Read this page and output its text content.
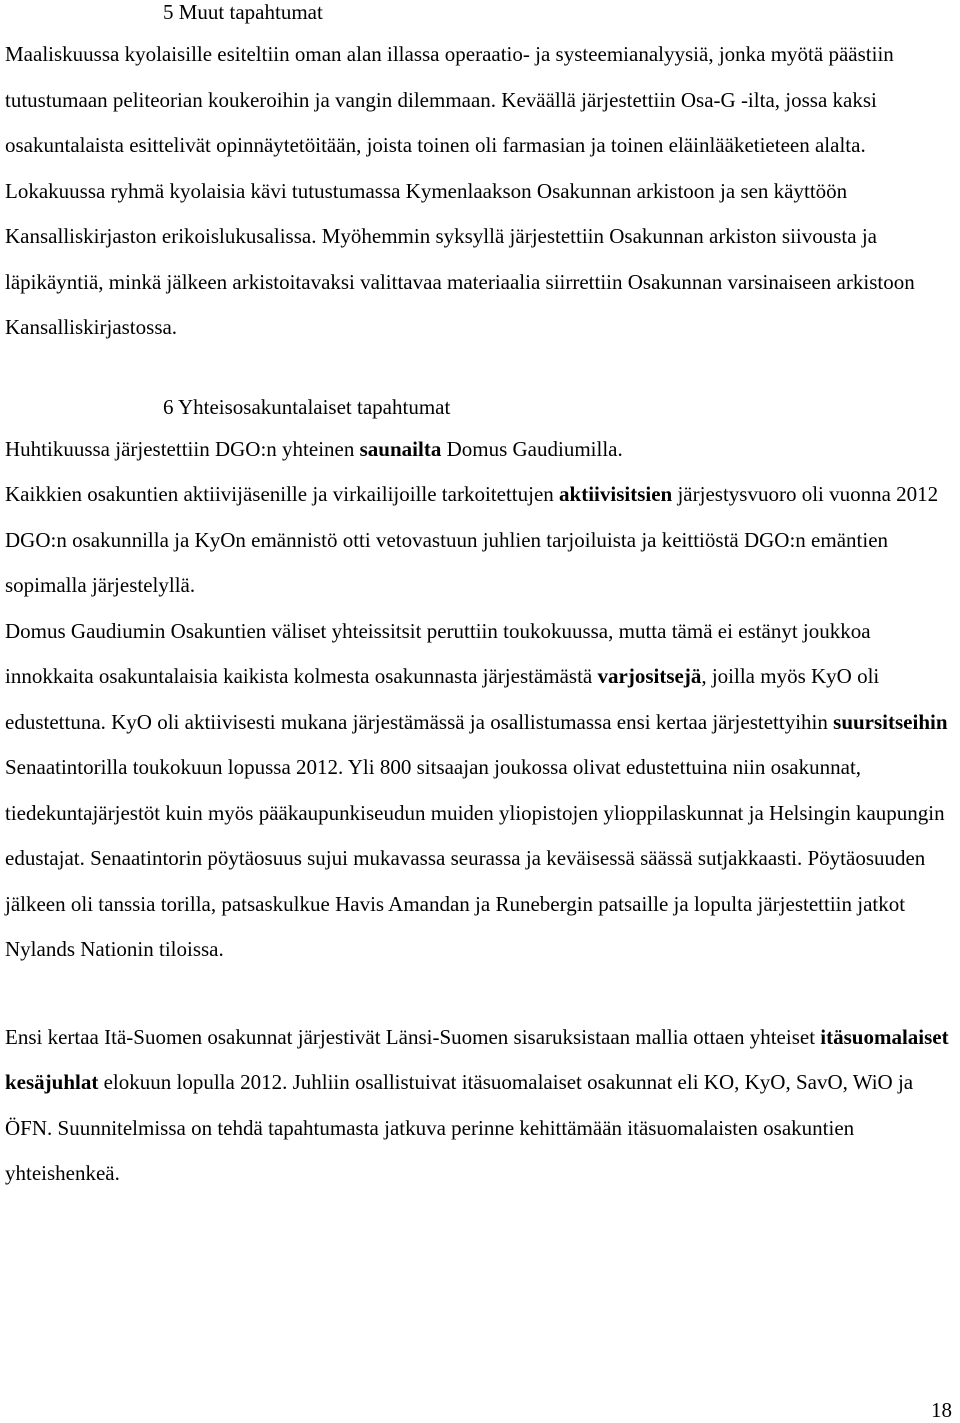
5 Muut tapahtumat

Maaliskuussa kyolaisille esiteltiin oman alan illassa operaatio- ja systeemianalyysiä, jonka myötä päästiin tutustumaan peliteorian koukeroihin ja vangin dilemmaan. Keväällä järjestettiin Osa-G -ilta, jossa kaksi osakuntalaista esittelivät opinnäytetöitään, joista toinen oli farmasian ja toinen eläinlääketieteen alalta. Lokakuussa ryhmä kyolaisia kävi tutustumassa Kymenlaakson Osakunnan arkistoon ja sen käyttöön Kansalliskirjaston erikoislukusalissa. Myöhemmin syksyllä järjestettiin Osakunnan arkiston siivousta ja läpikäyntiä, minkä jälkeen arkistoitavaksi valittavaa materiaalia siirrettiin Osakunnan varsinaiseen arkistoon Kansalliskirjastossa.

6 Yhteisosakuntalaiset tapahtumat

Huhtikuussa järjestettiin DGO:n yhteinen saunailta Domus Gaudiumilla.

Kaikkien osakuntien aktiivijäsenille ja virkailijoille tarkoitettujen aktiivisitsien järjestysvuoro oli vuonna 2012 DGO:n osakunnilla ja KyOn emännistö otti vetovastuun juhlien tarjoiluista ja keittiöstä DGO:n emäntien sopimalla järjestelyllä.

Domus Gaudiumin Osakuntien väliset yhteissitsit peruttiin toukokuussa, mutta tämä ei estänyt joukkoa innokkaita osakuntalaisia kaikista kolmesta osakunnasta järjestämästä varjositsejä, joilla myös KyO oli edustettuna. KyO oli aktiivisesti mukana järjestämässä ja osallistumassa ensi kertaa järjestettyihin suursitseihin Senaatintorilla toukokuun lopussa 2012. Yli 800 sitsaajan joukossa olivat edustettuina niin osakunnat, tiedekuntajärjestöt kuin myös pääkaupunkiseudun muiden yliopistojen ylioppilaskunnat ja Helsingin kaupungin edustajat. Senaatintorin pöytäosuus sujui mukavassa seurassa ja keväisessä säässä sutjakkaasti. Pöytäosuuden jälkeen oli tanssia torilla, patsaskulkue Havis Amandan ja Runebergin patsaille ja lopulta järjestettiin jatkot Nylands Nationin tiloissa.

Ensi kertaa Itä-Suomen osakunnat järjestivät Länsi-Suomen sisaruksistaan mallia ottaen yhteiset itäsuomalaiset kesäjuhlat elokuun lopulla 2012. Juhliin osallistuivat itäsuomalaiset osakunnat eli KO, KyO, SavO, WiO ja ÖFN. Suunnitelmissa on tehdä tapahtumasta jatkuva perinne kehittämään itäsuomalaisten osakuntien yhteishenkeä.

18
